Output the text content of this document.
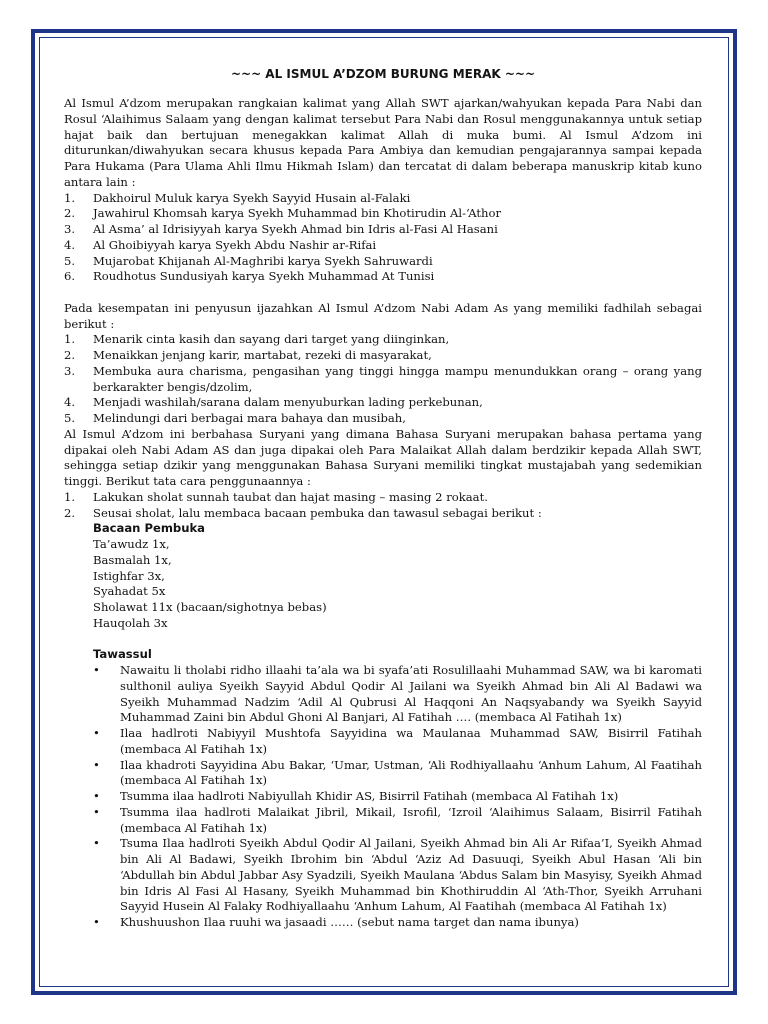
~~~ AL ISMUL A’DZOM BURUNG MERAK ~~~

Al Ismul A’dzom merupakan rangkaian kalimat yang Allah SWT ajarkan/wahyukan kepada Para Nabi dan Rosul ‘Alaihimus Salaam yang dengan kalimat tersebut Para Nabi dan Rosul menggunakannya untuk setiap hajat baik dan bertujuan menegakkan kalimat Allah di muka bumi. Al Ismul A’dzom ini diturunkan/diwahyukan secara khusus kepada Para Ambiya dan kemudian pengajarannya sampai kepada Para Hukama (Para Ulama Ahli Ilmu Hikmah Islam) dan tercatat di dalam beberapa manuskrip kitab kuno antara lain :

1. Dakhoirul Muluk karya Syekh Sayyid Husain al-Falaki
2. Jawahirul Khomsah karya Syekh Muhammad bin Khotirudin Al-‘Athor
3. Al Asma’ al Idrisiyyah karya Syekh Ahmad bin Idris al-Fasi Al Hasani
4. Al Ghoibiyyah karya Syekh Abdu Nashir ar-Rifai
5. Mujarobat Khijanah Al-Maghribi karya Syekh Sahruwardi
6. Roudhotus Sundusiyah karya Syekh Muhammad At Tunisi

Pada kesempatan ini penyusun ijazahkan Al Ismul A’dzom Nabi Adam As yang memiliki fadhilah sebagai berikut :

1. Menarik cinta kasih dan sayang dari target yang diinginkan,
2. Menaikkan jenjang karir, martabat, rezeki di masyarakat,
3. Membuka aura charisma, pengasihan yang tinggi hingga mampu menundukkan orang – orang yang berkarakter bengis/dzolim,
4. Menjadi washilah/sarana dalam menyuburkan lading perkebunan,
5. Melindungi dari berbagai mara bahaya dan musibah,

Al Ismul A’dzom ini berbahasa Suryani yang dimana Bahasa Suryani merupakan bahasa pertama yang dipakai oleh Nabi Adam AS dan juga dipakai oleh Para Malaikat Allah dalam berdzikir kepada Allah SWT, sehingga setiap dzikir yang menggunakan Bahasa Suryani memiliki tingkat mustajabah yang sedemikian tinggi. Berikut tata cara penggunaannya :

1. Lakukan sholat sunnah taubat dan hajat masing – masing 2 rokaat.
2. Seusai sholat, lalu membaca bacaan pembuka dan tawasul sebagai berikut :
Bacaan Pembuka
Ta’awudz 1x,
Basmalah 1x,
Istighfar 3x,
Syahadat 5x
Sholawat 11x (bacaan/sighotnya bebas)
Hauqolah 3x
Tawassul
• Nawaitu li tholabi ridho illaahi ta’ala wa bi syafa’ati Rosulillaahi Muhammad SAW, wa bi karomati sulthonil auliya Syeikh Sayyid Abdul Qodir Al Jailani wa Syeikh Ahmad bin Ali Al Badawi wa Syeikh Muhammad Nadzim ‘Adil Al Qubrusi Al Haqqoni An Naqsyabandy wa Syeikh Sayyid Muhammad Zaini bin Abdul Ghoni Al Banjari, Al Fatihah …. (membaca Al Fatihah 1x)
• Ilaa hadlroti Nabiyyil Mushtofa Sayyidina wa Maulanaa Muhammad SAW, Bisirril Fatihah (membaca Al Fatihah 1x)
• Ilaa khadroti Sayyidina Abu Bakar, ‘Umar, Ustman, ‘Ali Rodhiyallaahu ‘Anhum Lahum, Al Faatihah (membaca Al Fatihah 1x)
• Tsumma ilaa hadlroti Nabiyullah Khidir AS, Bisirril Fatihah (membaca Al Fatihah 1x)
• Tsumma ilaa hadlroti Malaikat Jibril, Mikail, Isrofil, ‘Izroil ‘Alaihimus Salaam, Bisirril Fatihah (membaca Al Fatihah 1x)
• Tsuma Ilaa hadlroti Syeikh Abdul Qodir Al Jailani, Syeikh Ahmad bin Ali Ar Rifaa’I, Syeikh Ahmad bin Ali Al Badawi, Syeikh Ibrohim bin ‘Abdul ‘Aziz Ad Dasuuqi, Syeikh Abul Hasan ‘Ali bin ‘Abdullah bin Abdul Jabbar Asy Syadzili, Syeikh Maulana ‘Abdus Salam bin Masyisy, Syeikh Ahmad bin Idris Al Fasi Al Hasany, Syeikh Muhammad bin Khothiruddin Al ‘Ath-Thor, Syeikh Arruhani Sayyid Husein Al Falaky Rodhiyallaahu ‘Anhum Lahum, Al Faatihah (membaca Al Fatihah 1x)
• Khushuushon Ilaa ruuhi wa jasaadi …… (sebut nama target dan nama ibunya)
